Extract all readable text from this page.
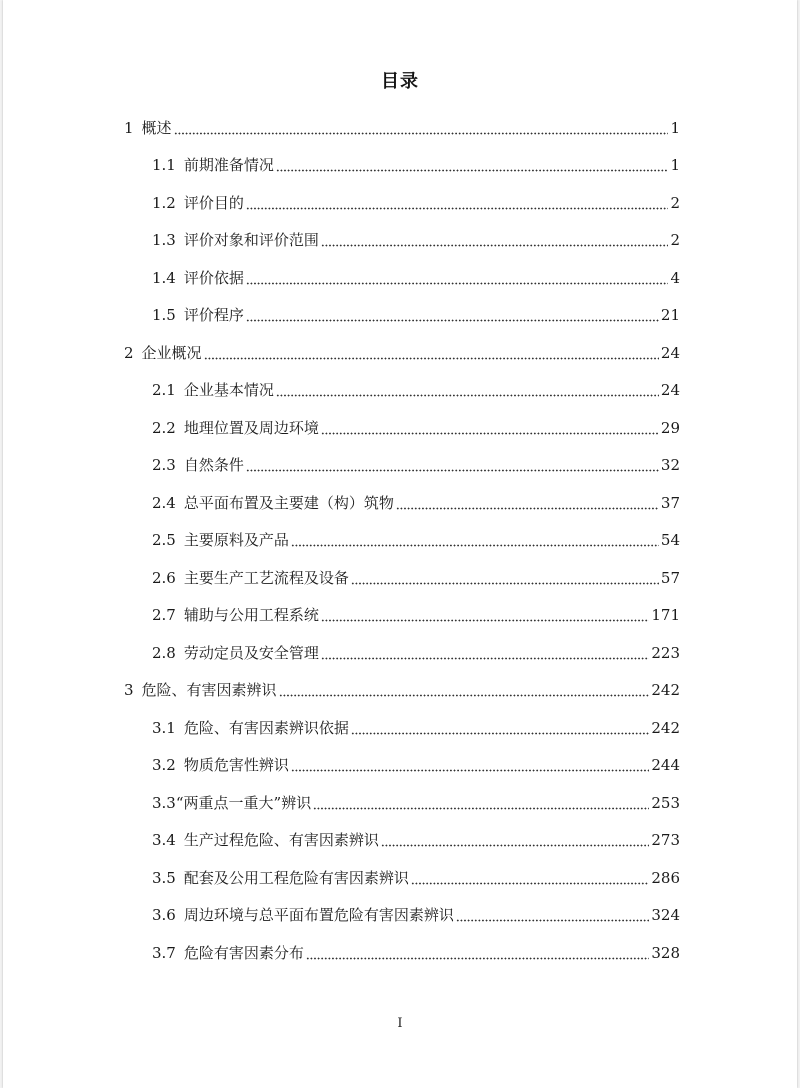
目录
1 概述	1
1.1 前期准备情况	1
1.2 评价目的	2
1.3 评价对象和评价范围	2
1.4 评价依据	4
1.5 评价程序	21
2 企业概况	24
2.1 企业基本情况	24
2.2 地理位置及周边环境	29
2.3 自然条件	32
2.4 总平面布置及主要建（构）筑物	37
2.5 主要原料及产品	54
2.6 主要生产工艺流程及设备	57
2.7 辅助与公用工程系统	171
2.8 劳动定员及安全管理	223
3 危险、有害因素辨识	242
3.1 危险、有害因素辨识依据	242
3.2 物质危害性辨识	244
3.3 “两重点一重大”辨识	253
3.4 生产过程危险、有害因素辨识	273
3.5 配套及公用工程危险有害因素辨识	286
3.6 周边环境与总平面布置危险有害因素辨识	324
3.7 危险有害因素分布	328
I
